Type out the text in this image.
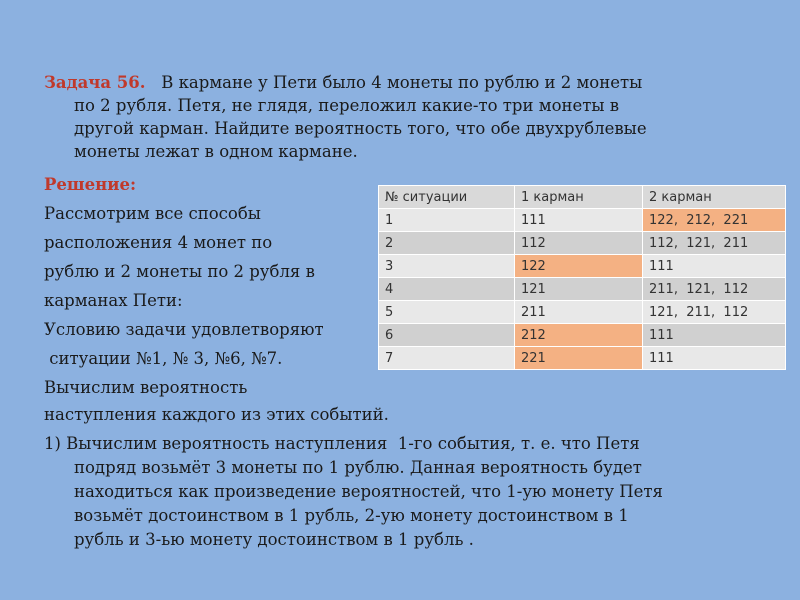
Задача 56. В кармане у Пети было 4 монеты по рублю и 2 монеты
по 2 рубля. Петя, не глядя, переложил какие-то три монеты в
другой карман. Найдите вероятность того, что обе двухрублевые
монеты лежат в одном кармане.
Решение:
Рассмотрим все способы
расположения 4 монет по
рублю и 2 монеты по 2 рубля в
карманах Пети:
Условию задачи удовлетворяют
ситуации №1, № 3, №6, №7.
Вычислим вероятность
наступления каждого из этих событий.
1) Вычислим вероятность наступления  1-го события, т. е. что Петя
подряд возьмёт 3 монеты по 1 рублю. Данная вероятность будет
находиться как произведение вероятностей, что 1-ую монету Петя
возьмёт достоинством в 1 рубль, 2-ую монету достоинством в 1
рубль и 3-ью монету достоинством в 1 рубль .
№ ситуации	1 карман	2 карман
1	111	122,  212,  221
2	112	112,  121,  211
3	122	111
4	121	211,  121,  112
5	211	121,  211,  112
6	212	111
7	221	111
